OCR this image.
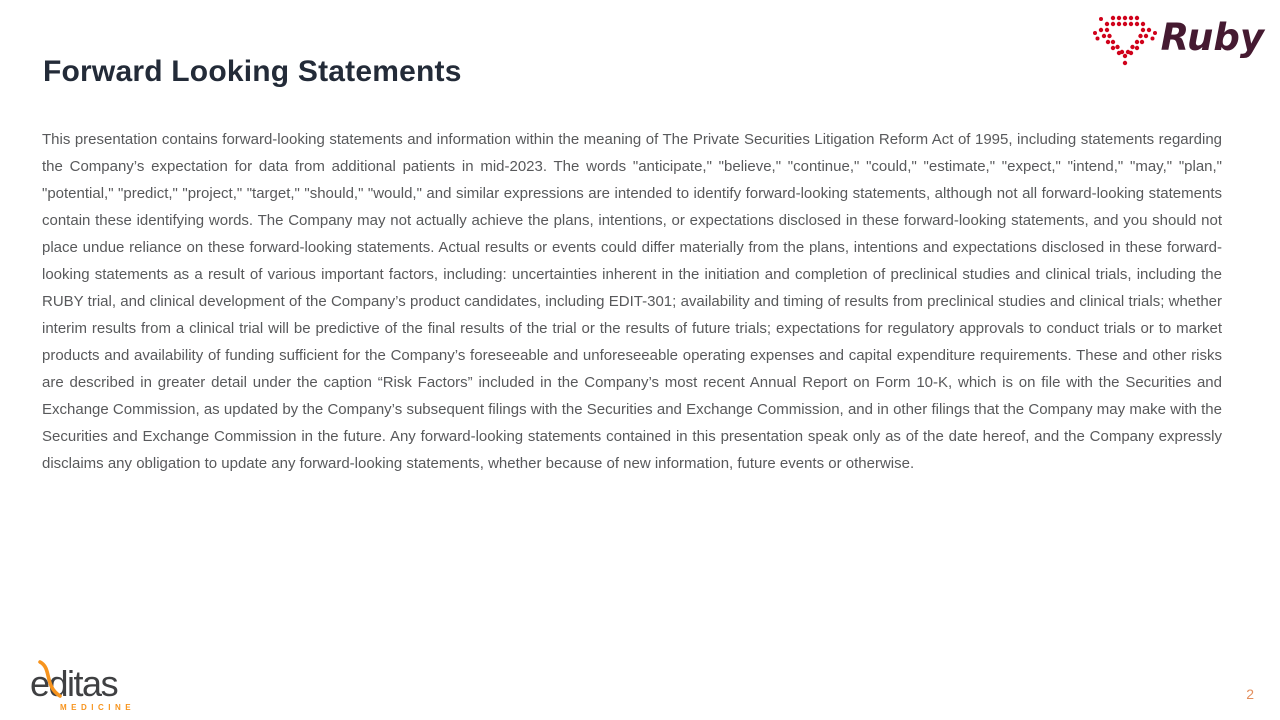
Forward Looking Statements
Ruby

This presentation contains forward-looking statements and information within the meaning of The Private Securities Litigation Reform Act of 1995, including statements regarding the Company’s expectation for data from additional patients in mid-2023. The words "anticipate," "believe," "continue," "could," "estimate," "expect," "intend," "may," "plan," "potential," "predict," "project," "target," "should," "would," and similar expressions are intended to identify forward-looking statements, although not all forward-looking statements contain these identifying words. The Company may not actually achieve the plans, intentions, or expectations disclosed in these forward-looking statements, and you should not place undue reliance on these forward-looking statements. Actual results or events could differ materially from the plans, intentions and expectations disclosed in these forward-looking statements as a result of various important factors, including: uncertainties inherent in the initiation and completion of preclinical studies and clinical trials, including the RUBY trial, and clinical development of the Company’s product candidates, including EDIT-301; availability and timing of results from preclinical studies and clinical trials; whether interim results from a clinical trial will be predictive of the final results of the trial or the results of future trials; expectations for regulatory approvals to conduct trials or to market products and availability of funding sufficient for the Company’s foreseeable and unforeseeable operating expenses and capital expenditure requirements. These and other risks are described in greater detail under the caption “Risk Factors” included in the Company’s most recent Annual Report on Form 10-K, which is on file with the Securities and Exchange Commission, as updated by the Company’s subsequent filings with the Securities and Exchange Commission, and in other filings that the Company may make with the Securities and Exchange Commission in the future. Any forward-looking statements contained in this presentation speak only as of the date hereof, and the Company expressly disclaims any obligation to update any forward-looking statements, whether because of new information, future events or otherwise.

editas
MEDICINE
2
